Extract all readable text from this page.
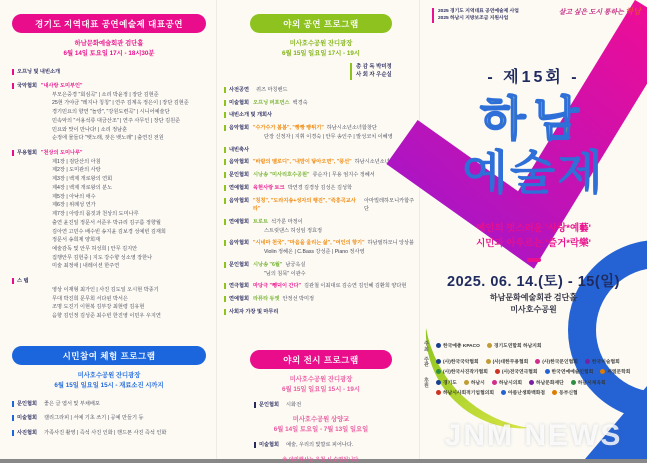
경기도 지역대표 공연예술제 대표공연
하남문화예술회관 검단홀
6월 14일 토요일 17시 - 18시30분
오프닝 및 내빈소개
국악협회 "내사랑 도미부인"
부모은중경 "회심곡" | 소리 박윤정 | 장단 김현준
25현 가야금 "레지나 칭칭" | 연주 김계옥 정은이 | 장단 김현준
경기민요의 향연 "놀랑", "강원도련곡" | 시니어예술단
민속악의 "서용석류 대금산조" | 연주 사무인 | 장단 김원준
민요와 맛이 만나다! | 소리 정남훈
순정에 물들다 "뱃노래, 잦은 뱃노래" | 출연진 전원
무용협회 "천상의 도미나루"
제1장 | 검단산의 아침
제2장 | 도미관의 사랑
제3장 | 백제 개로왕의 연회
제4장 | 백제 개로왕의 분노
제5장 | 아낙의 애수
제6장 | 위례성 연가
제7장 | 아랑의 몸짓과 천상의 도미나루
출연 윤진일 정문서 서준우 박규리 김구름 정향월
김아연 고민수 배수빈 송지윤 김보경 성예빈 김재희
정문서 송희제 양희재
예술감독 및 안무 허성희 | 안무 김지안
집행안무 김헌중 | 지도 강수향 성소영 장한나
미술 최정애 | 내레이션 한주연
스 텝
영상 이재형 최가인 | 사진 김도일 오시현 박종기
무대 박진희 문무희 서다윈 박서은
조명 도진기 이현복 김부강 최현령 김유현
음향 김인정 김성준 최수빈 한진영 이민우 우지연
시민참여 체험 프로그램
미사호수공원 잔디광장
6월 15일 일요일 15시 - 재료소진 시까지
문인협회 좋은 글 엽서 및 부채배포
미술협회 캘리그라피 | 서예 기초 쓰기 | 공예 만들기 등
사진협회 가족사진 촬영 | 즉석 사진 인화 | 핸드폰 사진 즉석 인화
야외 공연 프로그램
미사호수공원 잔디광장
6월 15일 일요일 17시 - 19시
총 감 독 박미정
사 회 자 우순실
사전공연 퀴즈 마칭밴드
미술협회 오프닝 퍼포먼스 백경숙
내빈소개 및 개회사
음악협회 "수가수가 봄봄", "빵빵 빵튀기" 하남시소년소녀합창단
단장 신정자 | 지휘 이경숙 | 안무 송인주 | 발성코치 이혜영
내빈축사
음악협회 "바람의 멜로디", "내맘이 닿아오면", "풍선" 하남시소년소녀합창단
문인협회 시낭송 "미사리호수공원" 류순자 | 무용 엄지수 정혜서
연예협회 육현사랑 토크 박연경 김경상 김성은 김성학
음악협회 "칭칭", "도라지송+성자의 행진", "즉흥곡교사타"
아마빌레하모니카합주단
연예협회 트로트 석가룬 마정이
스트릿댄스 허성임 정효정
음악협회 "시네마 천국", "마음을 울리는 삶", "여인의 향기" 하남필하모니 앙상블
Violin 정혜온 | C.Bass 강성준 | Piano 정사영
문인협회 시낭송 "6월" 남궁옥실
"님의 침묵" 이관수
연극협회 마당극 "뺑덕이 간다" 김관철 이최대로 김승연 김인혜 김환희 양다현
연예협회 라퓨타 듀엣 안정선 박미정
사회자 가장 및 마무리
야외 전시 프로그램
미사호수공원 잔디광장
6월 15일 일요일 15시 - 19시
문인협회 시화전
미사호수공원 상양교
6월 14일 토요일 - 7월 13일 일요일
미술협회 예술, 우리의 빛깔로 피어나다.
※ 야외행사는 우천 시 순연됩니다.
2025 경기도 지역대표 공연예술제 사업
2025 하남시 지방보조금 지원사업
살고 싶은 도시 통하는 하남
- 제15회 -
하남
예술제
예인의 멋스러운 '사랑*예藝'
시민과 아우르는 '즐거*락樂'
2025. 06. 14.(토) - 15(일)
하남문화예술회관 검단홀
미사호수공원
주최
한국예총 KPACO	경기도연합회 하남지회
주관
(사)한국국악협회	(사)대한무용협회	(사)한국문인협회	한국미술협회
(사)한국사진작가협회	(사)전국연극협회	한국연예예술인협회	씨엘문학회
후원
경기도	하남시	하남시의회	하남문화재단	하남시체육회
하남시사회적기업협의회	아름난생화백화점	동부신협
JNM NEWS
